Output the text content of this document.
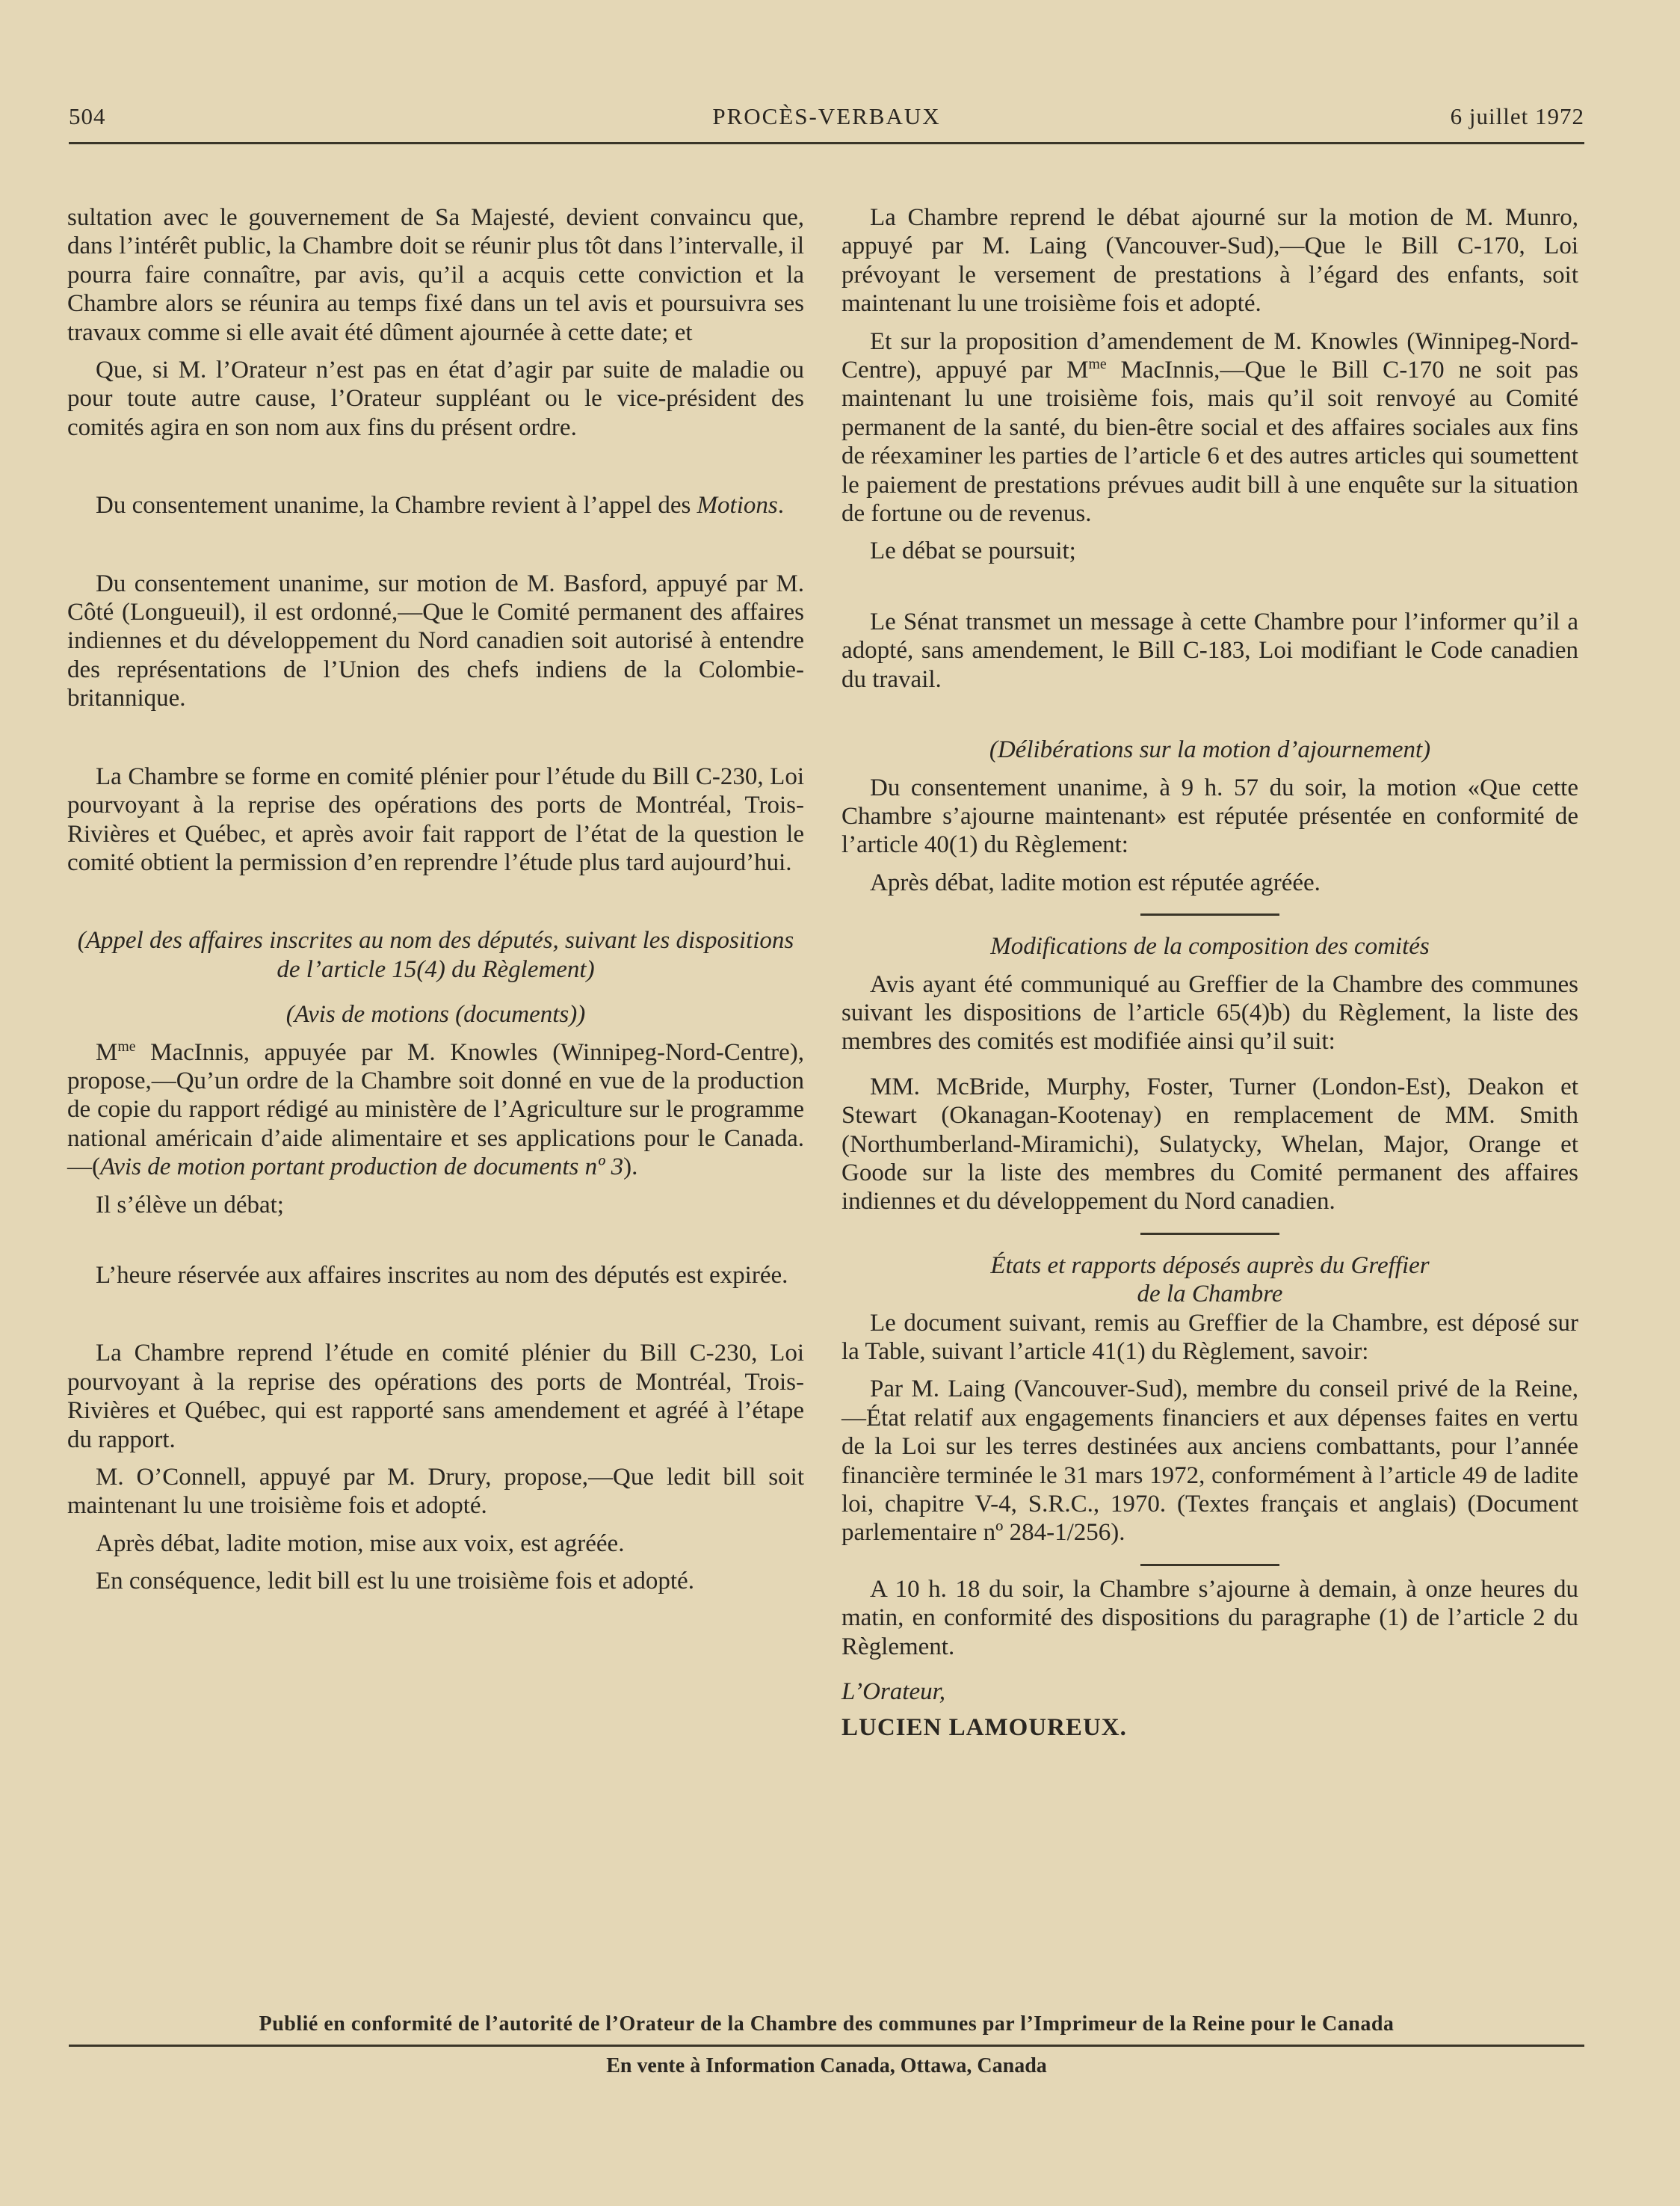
504	PROCÈS-VERBAUX	6 juillet 1972

sultation avec le gouvernement de Sa Majesté, devient convaincu que, dans l’intérêt public, la Chambre doit se réunir plus tôt dans l’intervalle, il pourra faire connaître, par avis, qu’il a acquis cette conviction et la Chambre alors se réunira au temps fixé dans un tel avis et poursuivra ses travaux comme si elle avait été dûment ajournée à cette date; et

Que, si M. l’Orateur n’est pas en état d’agir par suite de maladie ou pour toute autre cause, l’Orateur suppléant ou le vice-président des comités agira en son nom aux fins du présent ordre.

Du consentement unanime, la Chambre revient à l’appel des Motions.

Du consentement unanime, sur motion de M. Basford, appuyé par M. Côté (Longueuil), il est ordonné,—Que le Comité permanent des affaires indiennes et du développement du Nord canadien soit autorisé à entendre des représentations de l’Union des chefs indiens de la Colombie-britannique.

La Chambre se forme en comité plénier pour l’étude du Bill C-230, Loi pourvoyant à la reprise des opérations des ports de Montréal, Trois-Rivières et Québec, et après avoir fait rapport de l’état de la question le comité obtient la permission d’en reprendre l’étude plus tard aujourd’hui.

(Appel des affaires inscrites au nom des députés, suivant les dispositions de l’article 15(4) du Règlement)

(Avis de motions (documents))

$M^{me}$ MacInnis, appuyée par M. Knowles (Winnipeg-Nord-Centre), propose,—Qu’un ordre de la Chambre soit donné en vue de la production de copie du rapport rédigé au ministère de l’Agriculture sur le programme national américain d’aide alimentaire et ses applications pour le Canada.—(Avis de motion portant production de documents nº 3).

Il s’élève un débat;

L’heure réservée aux affaires inscrites au nom des députés est expirée.

La Chambre reprend l’étude en comité plénier du Bill C-230, Loi pourvoyant à la reprise des opérations des ports de Montréal, Trois-Rivières et Québec, qui est rapporté sans amendement et agréé à l’étape du rapport.

M. O’Connell, appuyé par M. Drury, propose,—Que ledit bill soit maintenant lu une troisième fois et adopté.

Après débat, ladite motion, mise aux voix, est agréée.

En conséquence, ledit bill est lu une troisième fois et adopté.

La Chambre reprend le débat ajourné sur la motion de M. Munro, appuyé par M. Laing (Vancouver-Sud),—Que le Bill C-170, Loi prévoyant le versement de prestations à l’égard des enfants, soit maintenant lu une troisième fois et adopté.

Et sur la proposition d’amendement de M. Knowles (Winnipeg-Nord-Centre), appuyé par $M^{me}$ MacInnis,—Que le Bill C-170 ne soit pas maintenant lu une troisième fois, mais qu’il soit renvoyé au Comité permanent de la santé, du bien-être social et des affaires sociales aux fins de réexaminer les parties de l’article 6 et des autres articles qui soumettent le paiement de prestations prévues audit bill à une enquête sur la situation de fortune ou de revenus.

Le débat se poursuit;

Le Sénat transmet un message à cette Chambre pour l’informer qu’il a adopté, sans amendement, le Bill C-183, Loi modifiant le Code canadien du travail.

(Délibérations sur la motion d’ajournement)

Du consentement unanime, à 9 h. 57 du soir, la motion «Que cette Chambre s’ajourne maintenant» est réputée présentée en conformité de l’article 40(1) du Règlement:

Après débat, ladite motion est réputée agréée.

Modifications de la composition des comités

Avis ayant été communiqué au Greffier de la Chambre des communes suivant les dispositions de l’article 65(4)b) du Règlement, la liste des membres des comités est modifiée ainsi qu’il suit:

MM. McBride, Murphy, Foster, Turner (London-Est), Deakon et Stewart (Okanagan-Kootenay) en remplacement de MM. Smith (Northumberland-Miramichi), Sulatycky, Whelan, Major, Orange et Goode sur la liste des membres du Comité permanent des affaires indiennes et du développement du Nord canadien.

États et rapports déposés auprès du Greffier
de la Chambre

Le document suivant, remis au Greffier de la Chambre, est déposé sur la Table, suivant l’article 41(1) du Règlement, savoir:

Par M. Laing (Vancouver-Sud), membre du conseil privé de la Reine,—État relatif aux engagements financiers et aux dépenses faites en vertu de la Loi sur les terres destinées aux anciens combattants, pour l’année financière terminée le 31 mars 1972, conformément à l’article 49 de ladite loi, chapitre V-4, S.R.C., 1970. (Textes français et anglais) (Document parlementaire nº 284-1/256).

A 10 h. 18 du soir, la Chambre s’ajourne à demain, à onze heures du matin, en conformité des dispositions du paragraphe (1) de l’article 2 du Règlement.

L’Orateur,

LUCIEN LAMOUREUX.

Publié en conformité de l’autorité de l’Orateur de la Chambre des communes par l’Imprimeur de la Reine pour le Canada
En vente à Information Canada, Ottawa, Canada
